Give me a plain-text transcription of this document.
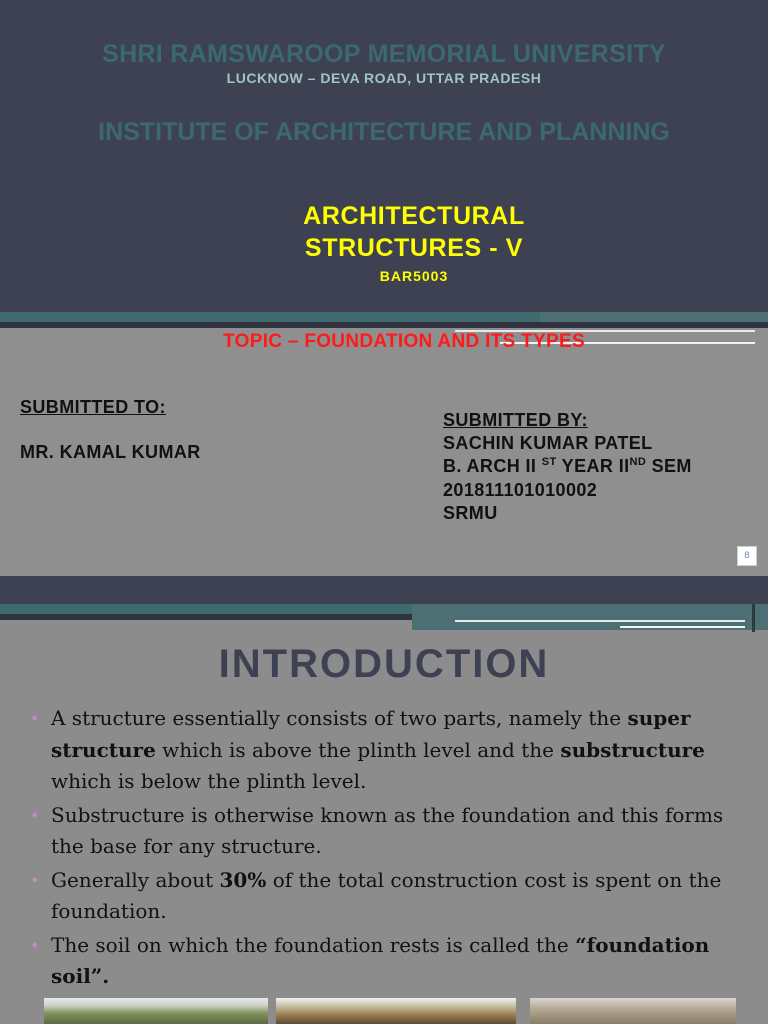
SHRI RAMSWAROOP MEMORIAL UNIVERSITY
LUCKNOW – DEVA ROAD, UTTAR PRADESH
INSTITUTE OF ARCHITECTURE AND PLANNING
ARCHITECTURAL
STRUCTURES - V
BAR5003
TOPIC – FOUNDATION AND ITS TYPES
SUBMITTED TO:
MR. KAMAL KUMAR
SUBMITTED BY:
SACHIN KUMAR PATEL
B. ARCH II $^{ST}$ YEAR IIND SEM
201811101010002
SRMU
8
INTRODUCTION
• A structure essentially consists of two parts, namely the super structure which is above the plinth level and the substructure which is below the plinth level.
• Substructure is otherwise known as the foundation and this forms the base for any structure.
• Generally about 30% of the total construction cost is spent on the foundation.
• The soil on which the foundation rests is called the “foundation soil”.
